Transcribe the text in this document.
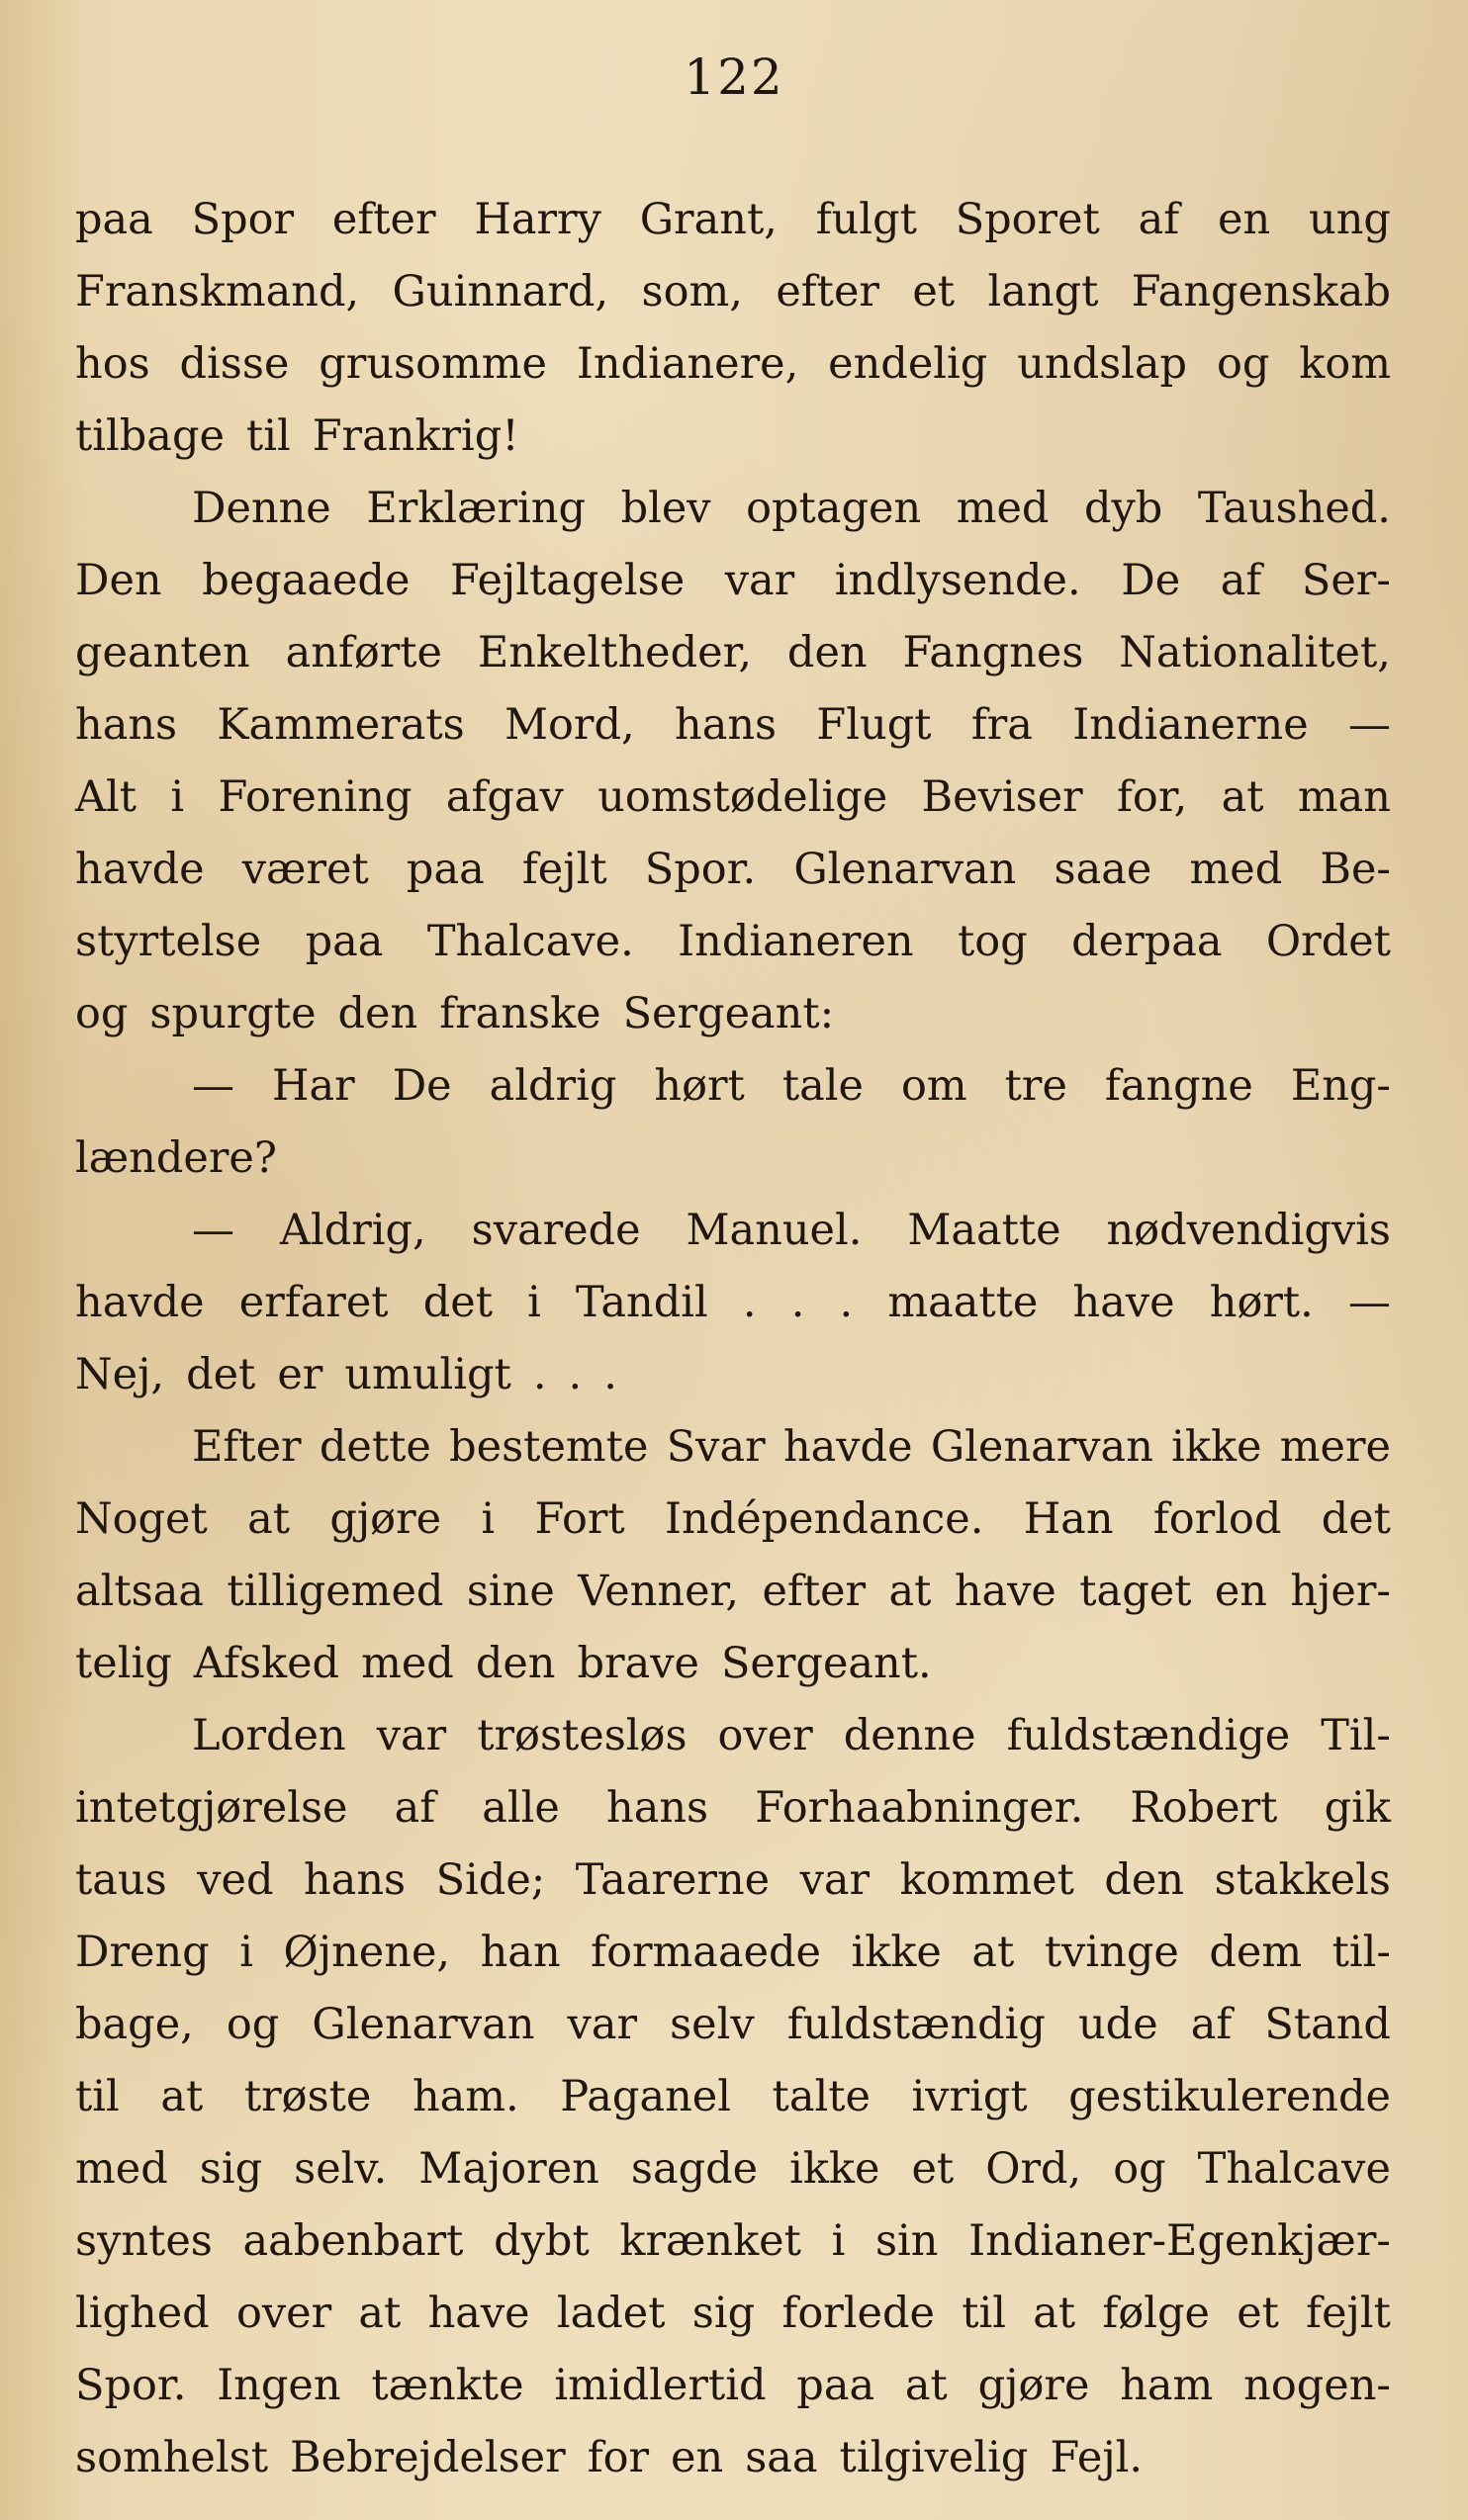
122
paa Spor efter Harry Grant, fulgt Sporet af en ung
Franskmand, Guinnard, som, efter et langt Fangenskab
hos disse grusomme Indianere, endelig undslap og kom
tilbage til Frankrig!
Denne Erklæring blev optagen med dyb Taushed.
Den begaaede Fejltagelse var indlysende. De af Ser-
geanten anførte Enkeltheder, den Fangnes Nationalitet,
hans Kammerats Mord, hans Flugt fra Indianerne —
Alt i Forening afgav uomstødelige Beviser for, at man
havde været paa fejlt Spor. Glenarvan saae med Be-
styrtelse paa Thalcave. Indianeren tog derpaa Ordet
og spurgte den franske Sergeant:
— Har De aldrig hørt tale om tre fangne Eng-
lændere?
— Aldrig, svarede Manuel. Maatte nødvendigvis
havde erfaret det i Tandil . . . maatte have hørt. —
Nej, det er umuligt . . .
Efter dette bestemte Svar havde Glenarvan ikke mere
Noget at gjøre i Fort Indépendance. Han forlod det
altsaa tilligemed sine Venner, efter at have taget en hjer-
telig Afsked med den brave Sergeant.
Lorden var trøstesløs over denne fuldstændige Til-
intetgjørelse af alle hans Forhaabninger. Robert gik
taus ved hans Side; Taarerne var kommet den stakkels
Dreng i Øjnene, han formaaede ikke at tvinge dem til-
bage, og Glenarvan var selv fuldstændig ude af Stand
til at trøste ham. Paganel talte ivrigt gestikulerende
med sig selv. Majoren sagde ikke et Ord, og Thalcave
syntes aabenbart dybt krænket i sin Indianer-Egenkjær-
lighed over at have ladet sig forlede til at følge et fejlt
Spor. Ingen tænkte imidlertid paa at gjøre ham nogen-
somhelst Bebrejdelser for en saa tilgivelig Fejl.
